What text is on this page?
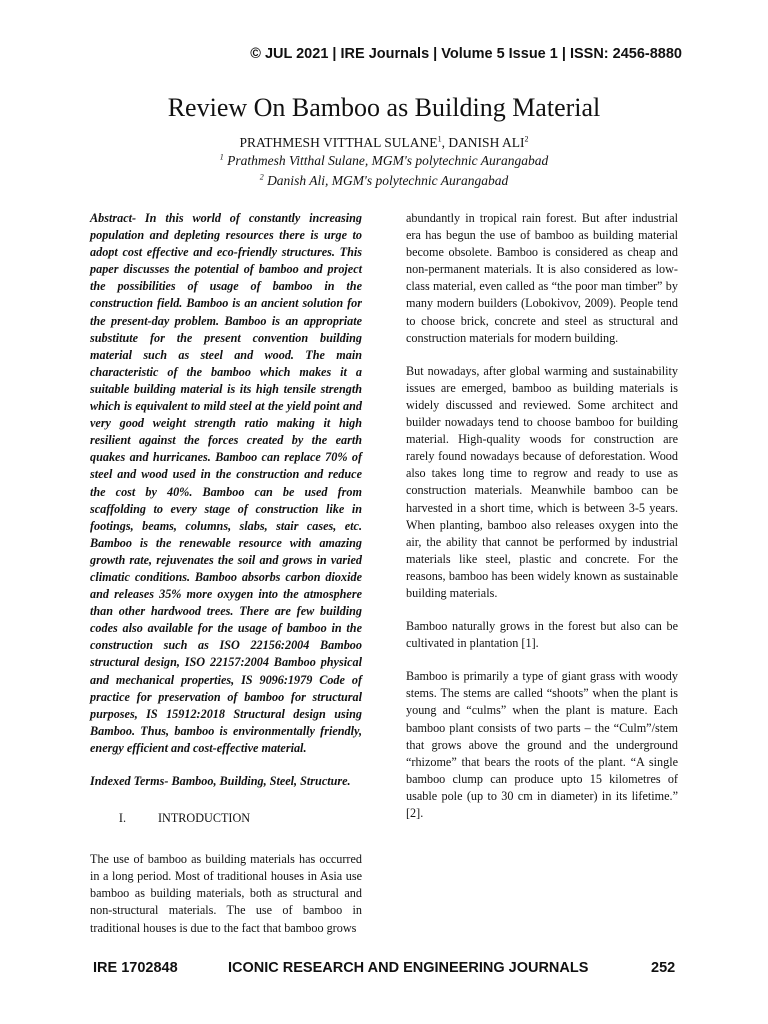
© JUL 2021 | IRE Journals | Volume 5 Issue 1 | ISSN: 2456-8880
Review On Bamboo as Building Material
PRATHMESH VITTHAL SULANE$^1$, DANISH ALI$^2$
$^1$ Prathmesh Vitthal Sulane, MGM's polytechnic Aurangabad
$^2$ Danish Ali, MGM's polytechnic Aurangabad

Abstract- In this world of constantly increasing population and depleting resources there is urge to adopt cost effective and eco-friendly structures. This paper discusses the potential of bamboo and project the possibilities of usage of bamboo in the construction field. Bamboo is an ancient solution for the present-day problem. Bamboo is an appropriate substitute for the present convention building material such as steel and wood. The main characteristic of the bamboo which makes it a suitable building material is its high tensile strength which is equivalent to mild steel at the yield point and very good weight strength ratio making it high resilient against the forces created by the earth quakes and hurricanes. Bamboo can replace 70% of steel and wood used in the construction and reduce the cost by 40%. Bamboo can be used from scaffolding to every stage of construction like in footings, beams, columns, slabs, stair cases, etc. Bamboo is the renewable resource with amazing growth rate, rejuvenates the soil and grows in varied climatic conditions. Bamboo absorbs carbon dioxide and releases 35% more oxygen into the atmosphere than other hardwood trees. There are few building codes also available for the usage of bamboo in the construction such as ISO 22156:2004 Bamboo structural design, ISO 22157:2004 Bamboo physical and mechanical properties, IS 9096:1979 Code of practice for preservation of bamboo for structural purposes, IS 15912:2018 Structural design using Bamboo. Thus, bamboo is environmentally friendly, energy efficient and cost-effective material.

Indexed Terms- Bamboo, Building, Steel, Structure.

I.	INTRODUCTION

The use of bamboo as building materials has occurred in a long period. Most of traditional houses in Asia use bamboo as building materials, both as structural and non-structural materials. The use of bamboo in traditional houses is due to the fact that bamboo grows

abundantly in tropical rain forest. But after industrial era has begun the use of bamboo as building material become obsolete. Bamboo is considered as cheap and non-permanent materials. It is also considered as low-class material, even called as “the poor man timber” by many modern builders (Lobokivov, 2009). People tend to choose brick, concrete and steel as structural and construction materials for modern building.

But nowadays, after global warming and sustainability issues are emerged, bamboo as building materials is widely discussed and reviewed. Some architect and builder nowadays tend to choose bamboo for building material. High-quality woods for construction are rarely found nowadays because of deforestation. Wood also takes long time to regrow and ready to use as construction materials. Meanwhile bamboo can be harvested in a short time, which is between 3-5 years. When planting, bamboo also releases oxygen into the air, the ability that cannot be performed by industrial materials like steel, plastic and concrete. For the reasons, bamboo has been widely known as sustainable building materials.

Bamboo naturally grows in the forest but also can be cultivated in plantation [1].

Bamboo is primarily a type of giant grass with woody stems. The stems are called “shoots” when the plant is young and “culms” when the plant is mature. Each bamboo plant consists of two parts – the “Culm”/stem that grows above the ground and the underground “rhizome” that bears the roots of the plant. “A single bamboo clump can produce upto 15 kilometres of usable pole (up to 30 cm in diameter) in its lifetime.” [2].

IRE 1702848	ICONIC RESEARCH AND ENGINEERING JOURNALS	252
